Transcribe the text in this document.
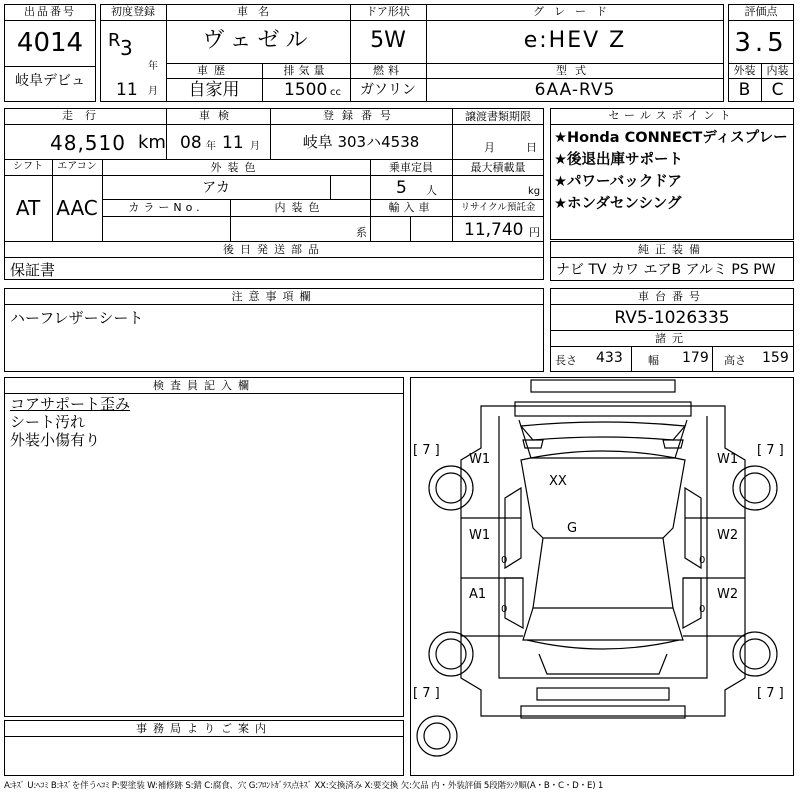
出品番号
4014
岐阜デビュ
初度登録
R 3
年
11 月
車名
ヴェゼル
ドア形状
5W
グレード
e:HEV Z
車歴
自家用
排気量
1500 cc
燃料
ガソリン
型式
6AA-RV5
評価点
3.5
外装	内装
B	C
走行
48,510 km
車検
08 年 11 月
登録番号
岐阜 303ハ4538
譲渡書類期限
月	日
シフト
AT
エアコン
AAC
外装色
アカ
乗車定員
5 人
最大積載量
kg
カラーNo.	内装色
系
輸入車	リサイクル預託金
11,740 円
後日発送部品
保証書
セールスポイント
★Honda CONNECTディスプレー
★後退出庫サポート
★パワーバックドア
★ホンダセンシング
純正装備
ナビ TV カワ エアB アルミ PS PW
注意事項欄
ハーフレザーシート
車台番号
RV5-1026335
諸元
長さ 433 幅 179 高さ 159
検査員記入欄
コアサポート歪み
シート汚れ
外装小傷有り
事務局よりご案内
[ 7 ]	[ 7 ]
[ 7 ]	[ 7 ]
W1	W1
XX
G
W1	W2
A1	W2
0	0
0	0
A:ｷｽﾞ U:ﾍｺﾐ B:ｷｽﾞを伴うﾍｺﾐ P:要塗装 W:補修跡 S:錆 C:腐食、穴 G:ﾌﾛﾝﾄｶﾞﾗｽ点ｷｽﾞ XX:交換済み X:要交換 欠:欠品 内・外装評価 5段階ﾗﾝｸ順(A・B・C・D・E) 1
